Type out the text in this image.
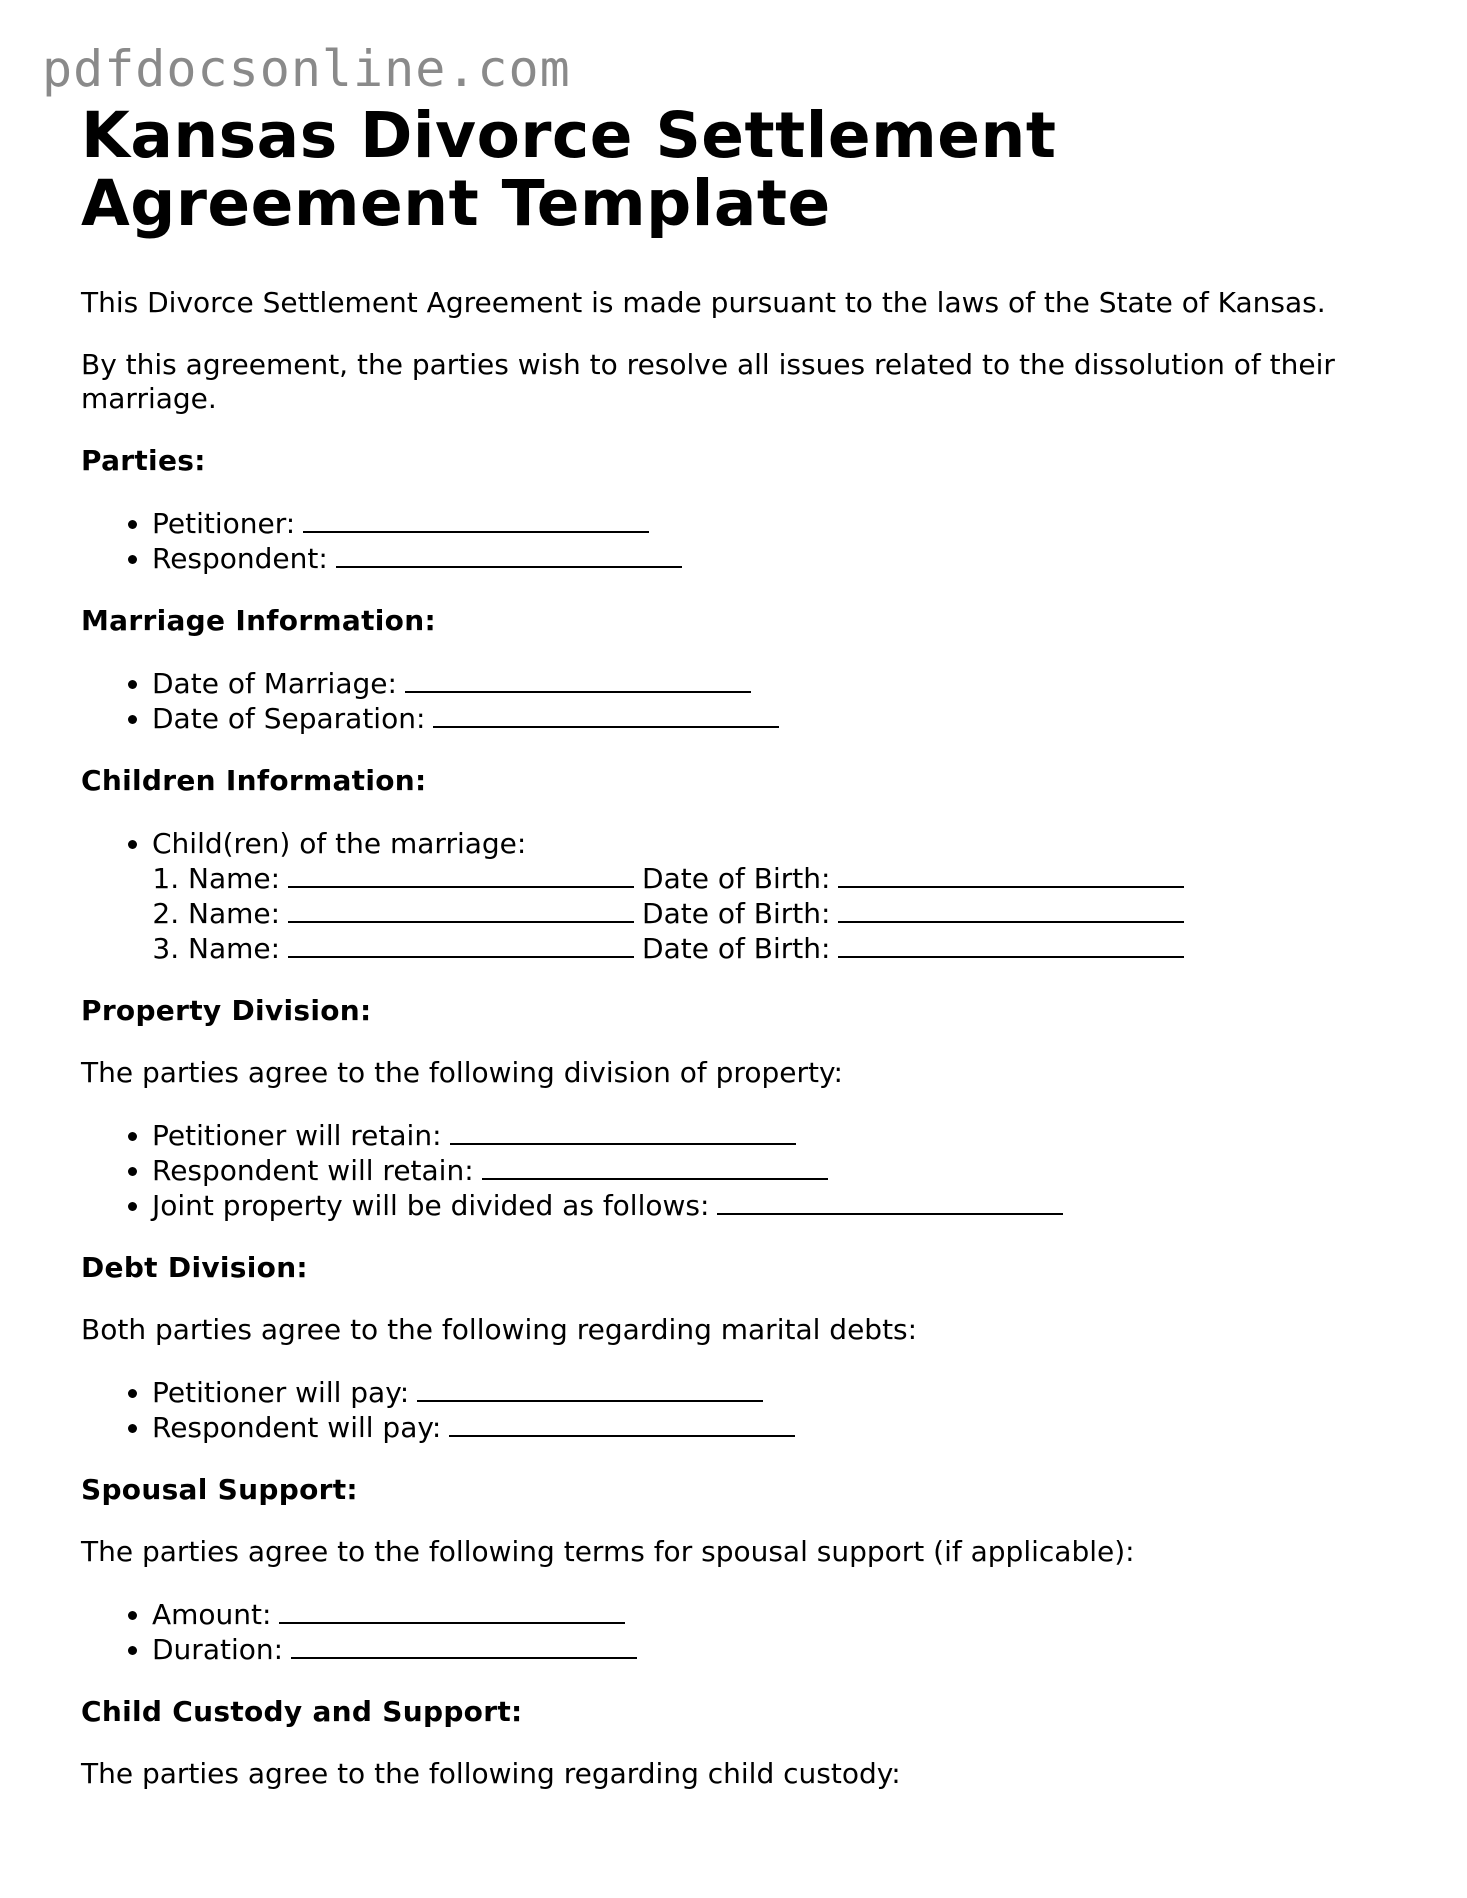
pdfdocsonline.com
Kansas Divorce Settlement Agreement Template

This Divorce Settlement Agreement is made pursuant to the laws of the State of Kansas.

By this agreement, the parties wish to resolve all issues related to the dissolution of their marriage.

Parties:
• Petitioner:
• Respondent:
Marriage Information:
• Date of Marriage:
• Date of Separation:
Children Information:
• Child(ren) of the marriage:
1. Name:	Date of Birth:
2. Name:	Date of Birth:
3. Name:	Date of Birth:
Property Division:

The parties agree to the following division of property:

• Petitioner will retain:
• Respondent will retain:
• Joint property will be divided as follows:
Debt Division:

Both parties agree to the following regarding marital debts:

• Petitioner will pay:
• Respondent will pay:
Spousal Support:

The parties agree to the following terms for spousal support (if applicable):

• Amount:
• Duration:
Child Custody and Support:

The parties agree to the following regarding child custody:
